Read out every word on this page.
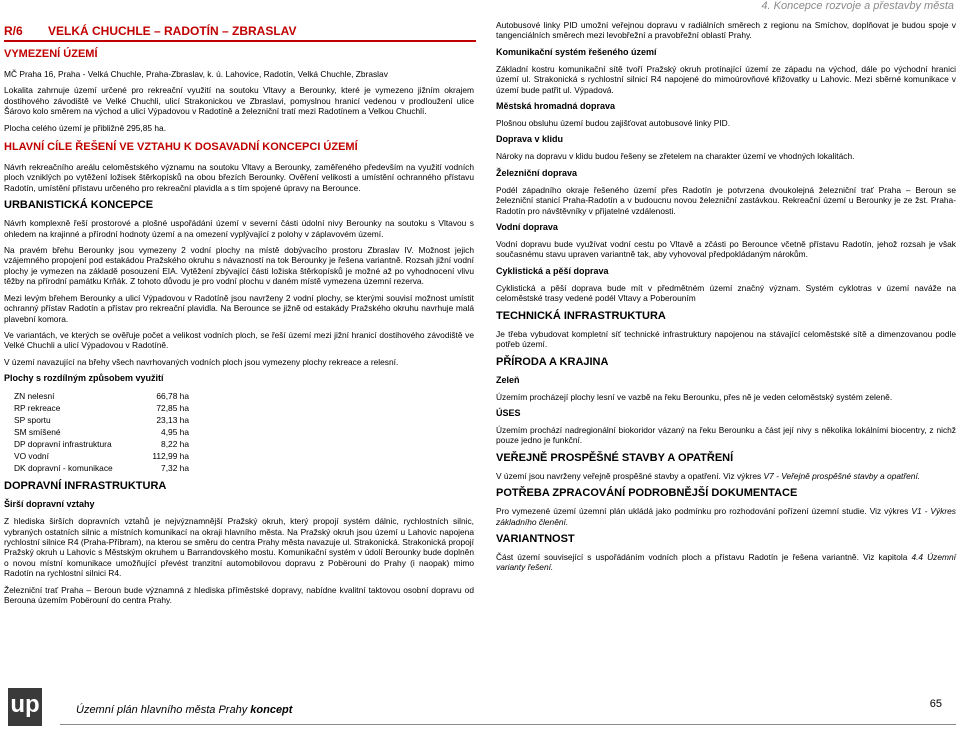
4. Koncepce rozvoje a přestavby města
R/6 VELKÁ CHUCHLE – RADOTÍN – ZBRASLAV
VYMEZENÍ ÚZEMÍ

MČ Praha 16, Praha - Velká Chuchle, Praha-Zbraslav, k. ú. Lahovice, Radotín, Velká Chuchle, Zbraslav

Lokalita zahrnuje území určené pro rekreační využití na soutoku Vltavy a Berounky, které je vymezeno jižním okrajem dostihového závodiště ve Velké Chuchli, ulicí Strakonickou ve Zbraslavi, pomyslnou hranicí vedenou v prodloužení ulice Šárovo kolo směrem na východ a ulicí Výpadovou v Radotíně a železniční tratí mezi Radotínem a Velkou Chuchlí.

Plocha celého území je přibližně 295,85 ha.

HLAVNÍ CÍLE ŘEŠENÍ VE VZTAHU K DOSAVADNÍ KONCEPCI ÚZEMÍ

Návrh rekreačního areálu celoměstského významu na soutoku Vltavy a Berounky, zaměřeného především na využití vodních ploch vzniklých po vytěžení ložisek štěrkopísků na obou březích Berounky. Ověření velikosti a umístění ochranného přístavu Radotín, umístění přístavu určeného pro rekreační plavidla a s tím spojené úpravy na Berounce.

URBANISTICKÁ KONCEPCE

Návrh komplexně řeší prostorové a plošné uspořádání území v severní části údolní nivy Berounky na soutoku s Vltavou s ohledem na krajinné a přírodní hodnoty území a na omezení vyplývající z polohy v záplavovém území.

Na pravém břehu Berounky jsou vymezeny 2 vodní plochy na místě dobývacího prostoru Zbraslav IV. Možnost jejich vzájemného propojení pod estakádou Pražského okruhu s návazností na tok Berounky je řešena variantně. Rozsah jižní vodní plochy je vymezen na základě posouzení EIA. Vytěžení zbývající části ložiska štěrkopísků je možné až po vyhodnocení vlivu těžby na přírodní památku Krňák. Z tohoto důvodu je pro vodní plochu v daném místě vymezena územní rezerva.

Mezi levým břehem Berounky a ulicí Výpadovou v Radotíně jsou navrženy 2 vodní plochy, se kterými souvisí možnost umístit ochranný přístav Radotín a přístav pro rekreační plavidla. Na Berounce se jižně od estakády Pražského okruhu navrhuje malá plavební komora.

Ve variantách, ve kterých se ověřuje počet a velikost vodních ploch, se řeší území mezi jižní hranicí dostihového závodiště ve Velké Chuchli a ulicí Výpadovou v Radotíně.

V území navazující na břehy všech navrhovaných vodních ploch jsou vymezeny plochy rekreace a relesní.

Plochy s rozdílným způsobem využití
ZN nelesní	66,78 ha
RP rekreace	72,85 ha
SP sportu	23,13 ha
SM smíšené	4,95 ha
DP dopravní infrastruktura	8,22 ha
VO vodní	112,99 ha
DK dopravní - komunikace	7,32 ha
DOPRAVNÍ INFRASTRUKTURA
Širší dopravní vztahy

Z hlediska širších dopravních vztahů je nejvýznamnější Pražský okruh, který propojí systém dálnic, rychlostních silnic, vybraných ostatních silnic a místních komunikací na okraji hlavního města. Na Pražský okruh jsou území u Lahovic napojena rychlostní silnice R4 (Praha-Příbram), na kterou se směru do centra Prahy města navazuje ul. Strakonická. Strakonická propojí Pražský okruh u Lahovic s Městským okruhem u Barrandovského mostu. Komunikační systém v údolí Berounky bude doplněn o novou místní komunikace umožňující převést tranzitní automobilovou dopravu z Pobërouni do Prahy (i naopak) mimo Radotín na rychlostní silnici R4.

Železniční trať Praha – Beroun bude významná z hlediska příměstské dopravy, nabídne kvalitní taktovou osobní dopravu od Berouna územím Pobërouní do centra Prahy.

Autobusové linky PID umožní veřejnou dopravu v radiálních směrech z regionu na Smíchov, doplňovat je budou spoje v tangenciálních směrech mezi levobřežní a pravobřežní oblastí Prahy.

Komunikační systém řešeného území

Základní kostru komunikační sítě tvoří Pražský okruh protínající území ze západu na východ, dále po východní hranici území ul. Strakonická s rychlostní silnicí R4 napojené do mimoúrovňové křižovatky u Lahovic. Mezi sběrné komunikace v území bude patřit ul. Výpadová.

Městská hromadná doprava

Plošnou obsluhu území budou zajišťovat autobusové linky PID.

Doprava v klidu

Nároky na dopravu v klidu budou řešeny se zřetelem na charakter území ve vhodných lokalitách.

Železniční doprava

Podél západního okraje řešeného území přes Radotín je potvrzena dvoukolejná železniční trať Praha – Beroun se železniční stanicí Praha-Radotín a v budoucnu novou železniční zastávkou. Rekreační území u Berounky je ze žst. Praha-Radotín pro návštěvníky v přijatelné vzdálenosti.

Vodní doprava

Vodní dopravu bude využívat vodní cestu po Vltavě a zčásti po Berounce včetně přístavu Radotín, jehož rozsah je však současnému stavu upraven variantně tak, aby vyhovoval předpokládaným nárokům.

Cyklistická a pěší doprava

Cyklistická a pěší doprava bude mít v předmětném území značný význam. Systém cyklotras v území naváže na celoměstské trasy vedené podél Vltavy a Poberouním

TECHNICKÁ INFRASTRUKTURA

Je třeba vybudovat kompletní síť technické infrastruktury napojenou na stávající celoměstské sítě a dimenzovanou podle potřeb území.

PŘÍRODA A KRAJINA
Zeleň

Územím procházejí plochy lesní ve vazbě na řeku Berounku, přes ně je veden celoměstský systém zeleně.

ÚSES

Územím prochází nadregionální biokoridor vázaný na řeku Berounku a část její nivy s několika lokálními biocentry, z nichž pouze jedno je funkční.

VEŘEJNĚ PROSPĚŠNÉ STAVBY A OPATŘENÍ

V území jsou navrženy veřejně prospěšné stavby a opatření. Viz výkres V7 - Veřejně prospěšné stavby a opatření.

POTŘEBA ZPRACOVÁNÍ PODROBNĚJŠÍ DOKUMENTACE

Pro vymezené území územní plán ukládá jako podmínku pro rozhodování pořízení územní studie. Viz výkres V1 - Výkres základního členění.

VARIANTNOST

Část území související s uspořádáním vodních ploch a přístavu Radotín je řešena variantně. Viz kapitola 4.4 Územní varianty řešení.

up	Územní plán hlavního města Prahy koncept	65
